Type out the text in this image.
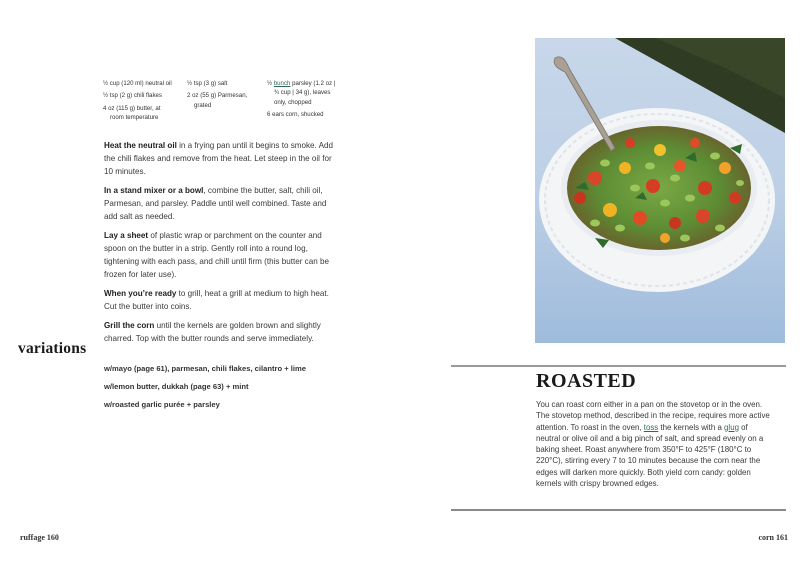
½ cup (120 ml) neutral oil
½ tsp (2 g) chili flakes
4 oz (115 g) butter, at
room temperature
½ tsp (3 g) salt
2 oz (55 g) Parmesan,
grated
½ bunch parsley (1.2 oz |
¾ cup | 34 g), leaves
only, chopped
6 ears corn, shucked

Heat the neutral oil in a frying pan until it begins to smoke. Add the chili flakes and remove from the heat. Let steep in the oil for 10 minutes.

In a stand mixer or a bowl, combine the butter, salt, chili oil, Parmesan, and parsley. Paddle until well combined. Taste and add salt as needed.

Lay a sheet of plastic wrap or parchment on the counter and spoon on the butter in a strip. Gently roll into a round log, tightening with each pass, and chill until firm (this butter can be frozen for later use).

When you’re ready to grill, heat a grill at medium to high heat. Cut the butter into coins.

Grill the corn until the kernels are golden brown and slightly charred. Top with the butter rounds and serve immediately.

variations
w/mayo (page 61), parmesan, chili flakes, cilantro + lime
w/lemon butter, dukkah (page 63) + mint
w/roasted garlic purée + parsley
ruffage 160
ROASTED
You can roast corn either in a pan on the stovetop or in the oven. The stovetop method, described in the recipe, requires more active attention. To roast in the oven, toss the kernels with a glug of neutral or olive oil and a big pinch of salt, and spread evenly on a baking sheet. Roast anywhere from 350°F to 425°F (180°C to 220°C), stirring every 7 to 10 minutes because the corn near the edges will darken more quickly. Both yield corn candy: golden kernels with crispy browned edges.
corn 161
